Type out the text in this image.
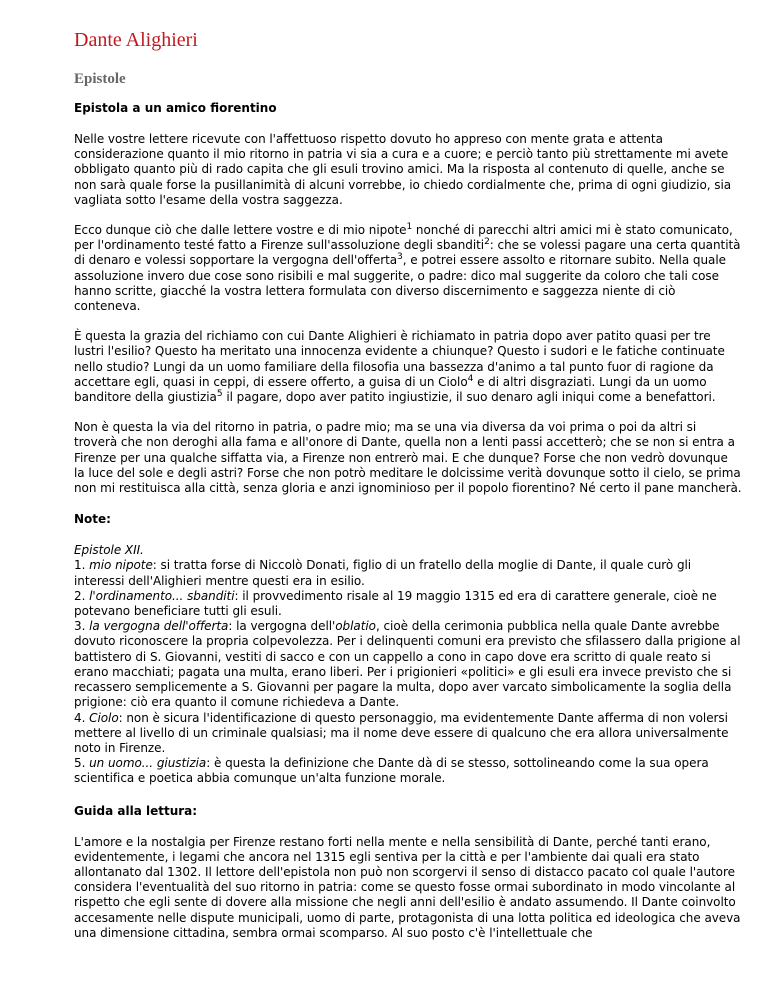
Dante Alighieri
Epistole
Epistola a un amico fiorentino

Nelle vostre lettere ricevute con l'affettuoso rispetto dovuto ho appreso con mente grata e attenta considerazione quanto il mio ritorno in patria vi sia a cura e a cuore; e perciò tanto più strettamente mi avete obbligato quanto più di rado capita che gli esuli trovino amici. Ma la risposta al contenuto di quelle, anche se non sarà quale forse la pusillanimità di alcuni vorrebbe, io chiedo cordialmente che, prima di ogni giudizio, sia vagliata sotto l'esame della vostra saggezza.

Ecco dunque ciò che dalle lettere vostre e di mio nipote$^1$ nonché di parecchi altri amici mi è stato comunicato, per l'ordinamento testé fatto a Firenze sull'assoluzione degli sbanditi$^2$: che se volessi pagare una certa quantità di denaro e volessi sopportare la vergogna dell'offerta$^3$, e potrei essere assolto e ritornare subito. Nella quale assoluzione invero due cose sono risibili e mal suggerite, o padre: dico mal suggerite da coloro che tali cose hanno scritte, giacché la vostra lettera formulata con diverso discernimento e saggezza niente di ciò conteneva.

È questa la grazia del richiamo con cui Dante Alighieri è richiamato in patria dopo aver patito quasi per tre lustri l'esilio? Questo ha meritato una innocenza evidente a chiunque? Questo i sudori e le fatiche continuate nello studio? Lungi da un uomo familiare della filosofia una bassezza d'animo a tal punto fuor di ragione da accettare egli, quasi in ceppi, di essere offerto, a guisa di un Ciolo$^4$ e di altri disgraziati. Lungi da un uomo banditore della giustizia$^5$ il pagare, dopo aver patito ingiustizie, il suo denaro agli iniqui come a benefattori.

Non è questa la via del ritorno in patria, o padre mio; ma se una via diversa da voi prima o poi da altri si troverà che non deroghi alla fama e all'onore di Dante, quella non a lenti passi accetterò; che se non si entra a Firenze per una qualche siffatta via, a Firenze non entrerò mai. E che dunque? Forse che non vedrò dovunque la luce del sole e degli astri? Forse che non potrò meditare le dolcissime verità dovunque sotto il cielo, se prima non mi restituisca alla città, senza gloria e anzi ignominioso per il popolo fiorentino? Né certo il pane mancherà.

Note:

Epistole XII.

1. mio nipote: si tratta forse di Niccolò Donati, figlio di un fratello della moglie di Dante, il quale curò gli interessi dell'Alighieri mentre questi era in esilio.

2. l'ordinamento... sbanditi: il provvedimento risale al 19 maggio 1315 ed era di carattere generale, cioè ne potevano beneficiare tutti gli esuli.

3. la vergogna dell'offerta: la vergogna dell'oblatio, cioè della cerimonia pubblica nella quale Dante avrebbe dovuto riconoscere la propria colpevolezza. Per i delinquenti comuni era previsto che sfilassero dalla prigione al battistero di S. Giovanni, vestiti di sacco e con un cappello a cono in capo dove era scritto di quale reato si erano macchiati; pagata una multa, erano liberi. Per i prigionieri «politici» e gli esuli era invece previsto che si recassero semplicemente a S. Giovanni per pagare la multa, dopo aver varcato simbolicamente la soglia della prigione: ciò era quanto il comune richiedeva a Dante.

4. Ciolo: non è sicura l'identificazione di questo personaggio, ma evidentemente Dante afferma di non volersi mettere al livello di un criminale qualsiasi; ma il nome deve essere di qualcuno che era allora universalmente noto in Firenze.

5. un uomo... giustizia: è questa la definizione che Dante dà di se stesso, sottolineando come la sua opera scientifica e poetica abbia comunque un'alta funzione morale.

Guida alla lettura:

L'amore e la nostalgia per Firenze restano forti nella mente e nella sensibilità di Dante, perché tanti erano, evidentemente, i legami che ancora nel 1315 egli sentiva per la città e per l'ambiente dai quali era stato allontanato dal 1302. Il lettore dell'epistola non può non scorgervi il senso di distacco pacato col quale l'autore considera l'eventualità del suo ritorno in patria: come se questo fosse ormai subordinato in modo vincolante al rispetto che egli sente di dovere alla missione che negli anni dell'esilio è andato assumendo. Il Dante coinvolto accesamente nelle dispute municipali, uomo di parte, protagonista di una lotta politica ed ideologica che aveva una dimensione cittadina, sembra ormai scomparso. Al suo posto c'è l'intellettuale che
